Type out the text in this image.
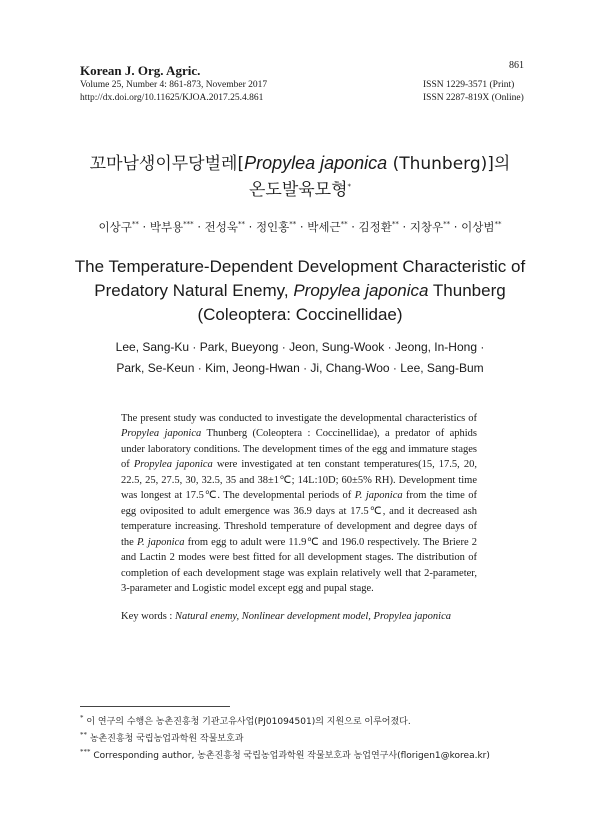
Korean J. Org. Agric.
Volume 25, Number 4: 861-873, November 2017
http://dx.doi.org/10.11625/KJOA.2017.25.4.861
861
ISSN 1229-3571 (Print)
ISSN 2287-819X (Online)
꼬마남생이무당벌레[Propylea japonica (Thunberg)]의
온도발육모형*
이상구** · 박부용*** · 전성욱** · 정인홍** · 박세근** · 김정환** · 지창우** · 이상범**
The Temperature-Dependent Development Characteristic of
Predatory Natural Enemy, Propylea japonica Thunberg
(Coleoptera: Coccinellidae)
Lee, Sang-Ku · Park, Bueyong · Jeon, Sung-Wook · Jeong, In-Hong ·
Park, Se-Keun · Kim, Jeong-Hwan · Ji, Chang-Woo · Lee, Sang-Bum

The present study was conducted to investigate the developmental characteristics of Propylea japonica Thunberg (Coleoptera : Coccinellidae), a predator of aphids under laboratory conditions. The development times of the egg and immature stages of Propylea japonica were investigated at ten constant temperatures(15, 17.5, 20, 22.5, 25, 27.5, 30, 32.5, 35 and 38±1℃; 14L:10D; 60±5% RH). Development time was longest at 17.5℃. The developmental periods of P. japonica from the time of egg oviposited to adult emergence was 36.9 days at 17.5℃, and it decreased ash temperature increasing. Threshold temperature of development and degree days of the P. japonica from egg to adult were 11.9℃ and 196.0 respectively. The Briere 2 and Lactin 2 modes were best fitted for all development stages. The distribution of completion of each development stage was explain relatively well that 2-parameter, 3-parameter and Logistic model except egg and pupal stage.

Key words : Natural enemy, Nonlinear development model, Propylea japonica
* 이 연구의 수행은 농촌진흥청 기관고유사업(PJ01094501)의 지원으로 이루어졌다.
** 농촌진흥청 국립농업과학원 작물보호과
*** Corresponding author, 농촌진흥청 국립농업과학원 작물보호과 농업연구사(florigen1@korea.kr)
